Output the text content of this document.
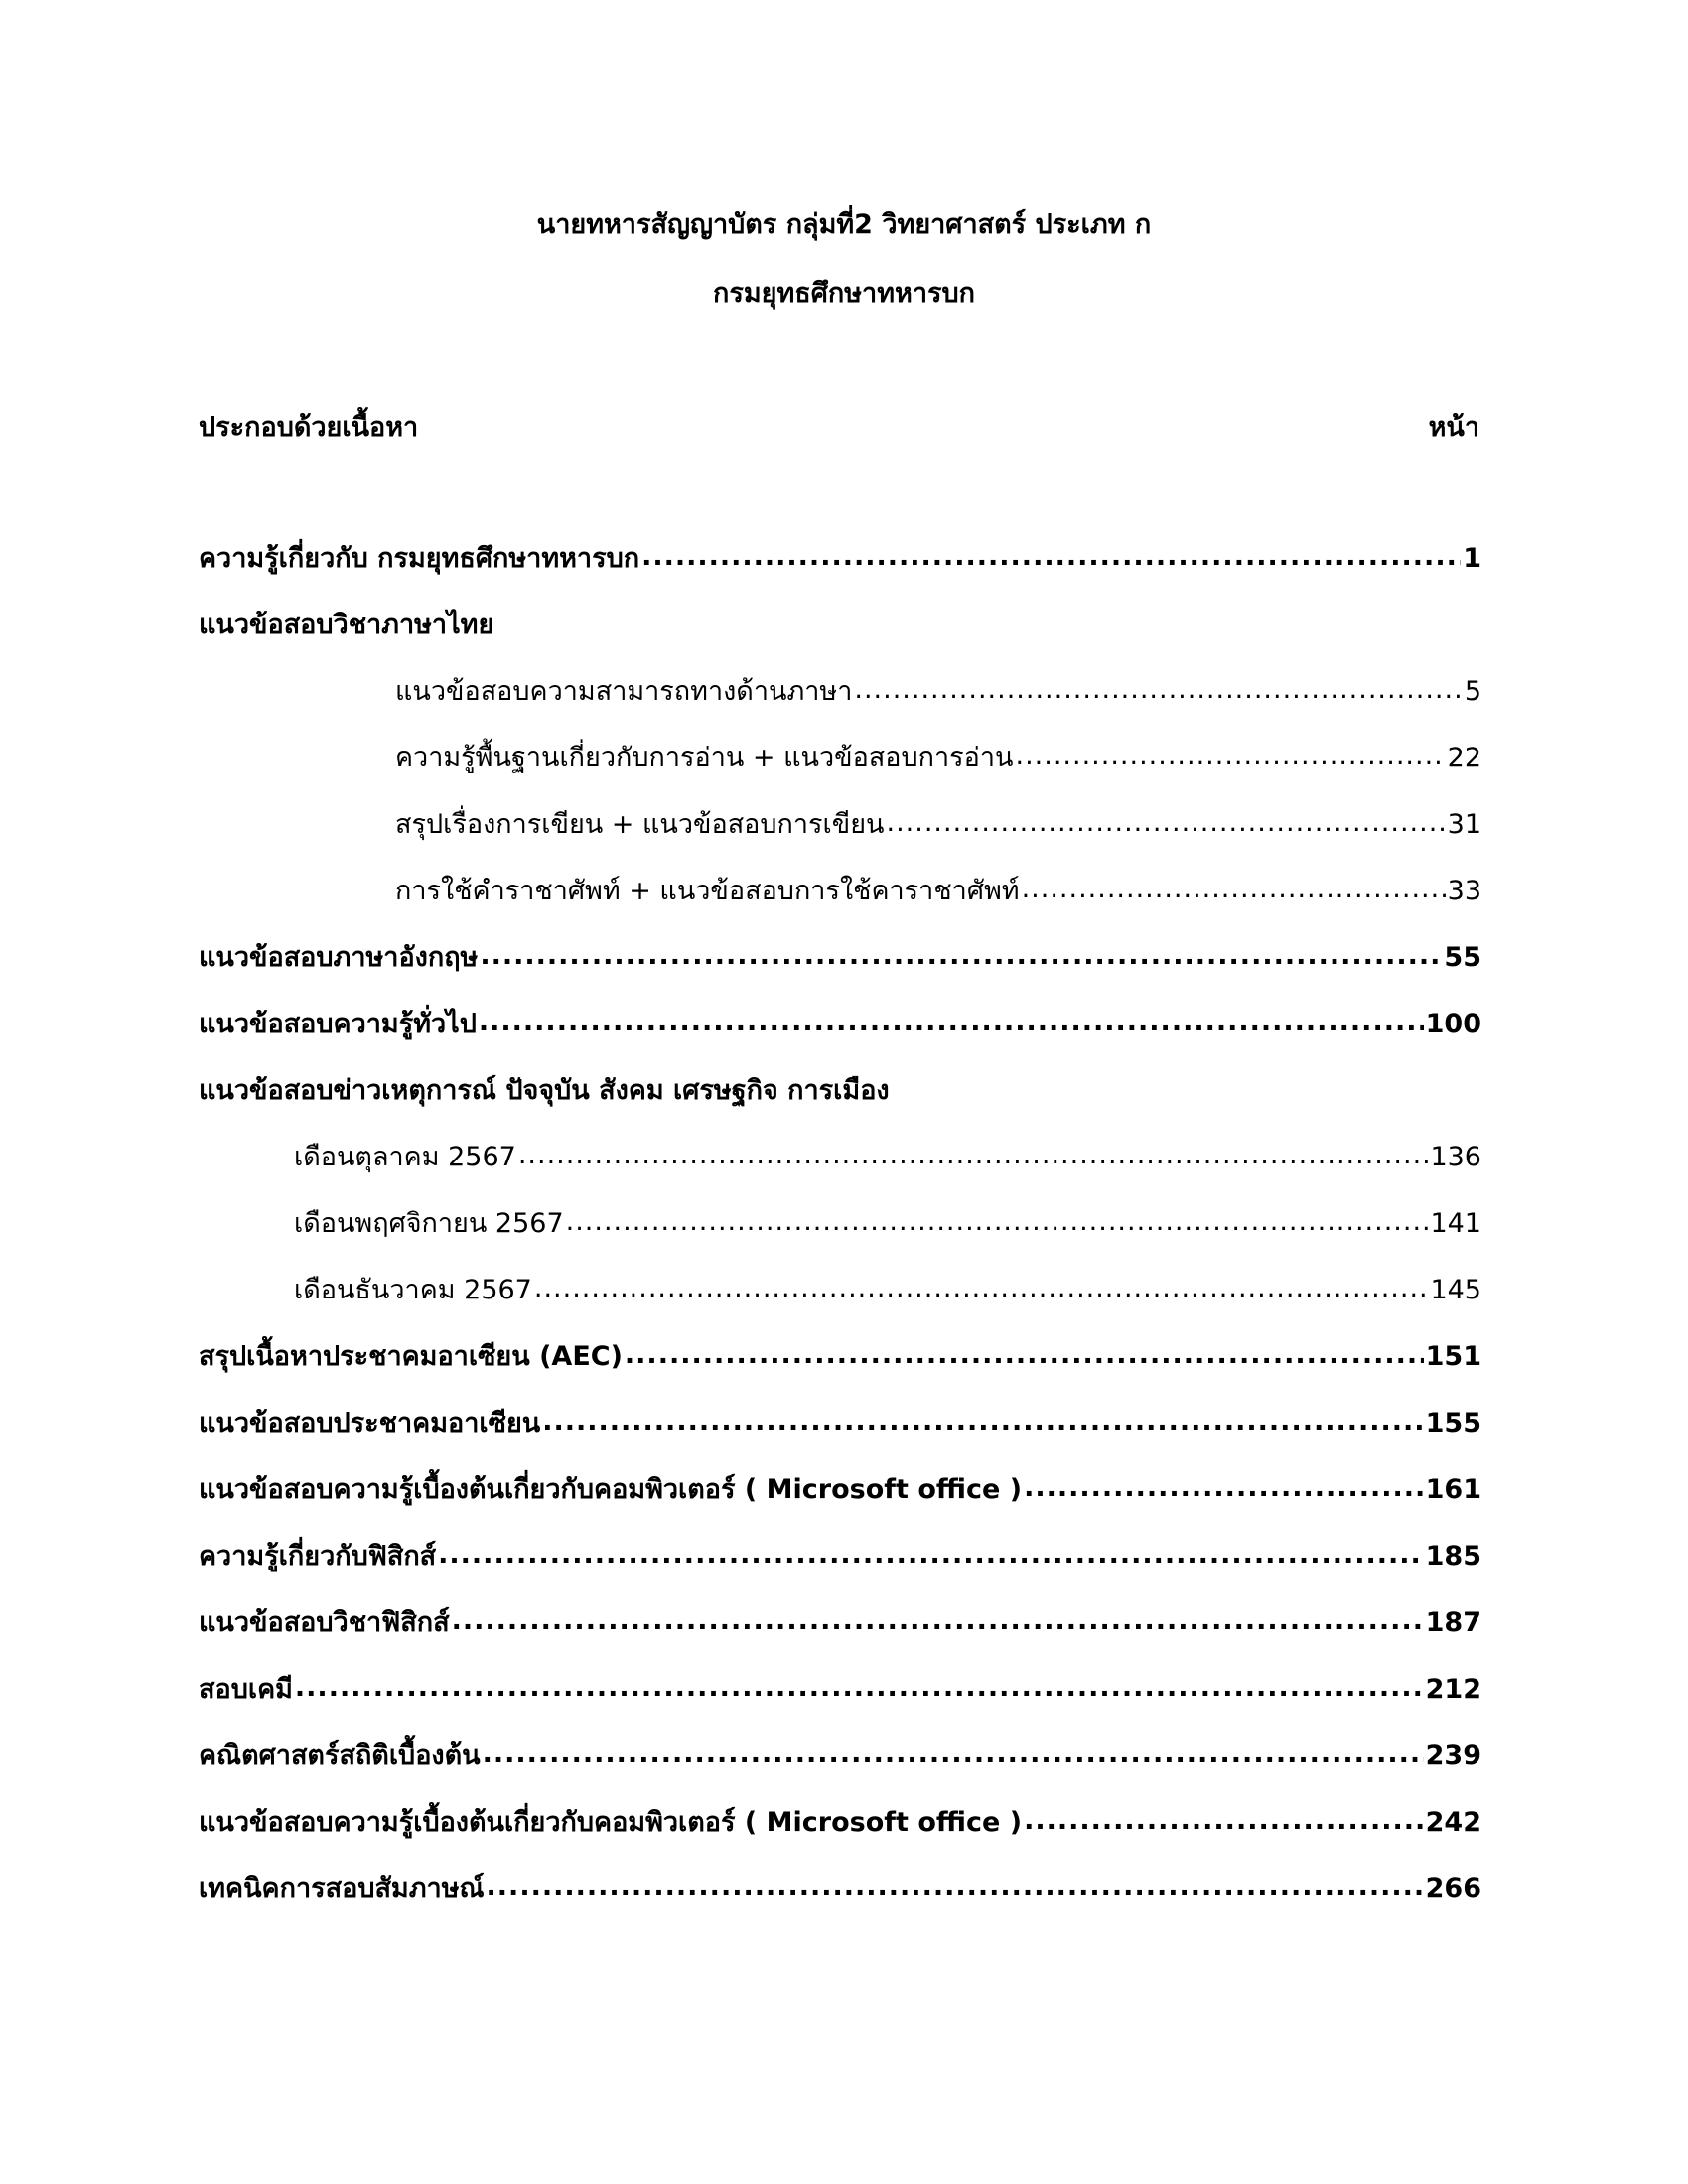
นายทหารสัญญาบัตร กลุ่มที่2 วิทยาศาสตร์ ประเภท ก
กรมยุทธศึกษาทหารบก
ประกอบด้วยเนื้อหา	หน้า
ความรู้เกี่ยวกับ กรมยุทธศึกษาทหารบก .....	1
แนวข้อสอบวิชาภาษาไทย
แนวข้อสอบความสามารถทางด้านภาษา .....	5
ความรู้พื้นฐานเกี่ยวกับการอ่าน + แนวข้อสอบการอ่าน .....	22
สรุปเรื่องการเขียน + แนวข้อสอบการเขียน .....	31
การใช้คำราชาศัพท์ + แนวข้อสอบการใช้คาราชาศัพท์ .....	33
แนวข้อสอบภาษาอังกฤษ .....	55
แนวข้อสอบความรู้ทั่วไป .....	100
แนวข้อสอบข่าวเหตุการณ์ ปัจจุบัน สังคม เศรษฐกิจ การเมือง
เดือนตุลาคม 2567 .....	136
เดือนพฤศจิกายน 2567 .....	141
เดือนธันวาคม 2567 .....	145
สรุปเนื้อหาประชาคมอาเซียน (AEC) .....	151
แนวข้อสอบประชาคมอาเซียน .....	155
แนวข้อสอบความรู้เบื้องต้นเกี่ยวกับคอมพิวเตอร์ ( Microsoft office ) .....	161
ความรู้เกี่ยวกับฟิสิกส์ .....	185
แนวข้อสอบวิชาฟิสิกส์ .....	187
สอบเคมี .....	212
คณิตศาสตร์สถิติเบื้องต้น .....	239
แนวข้อสอบความรู้เบื้องต้นเกี่ยวกับคอมพิวเตอร์ ( Microsoft office ) .....	242
เทคนิคการสอบสัมภาษณ์ .....	266
